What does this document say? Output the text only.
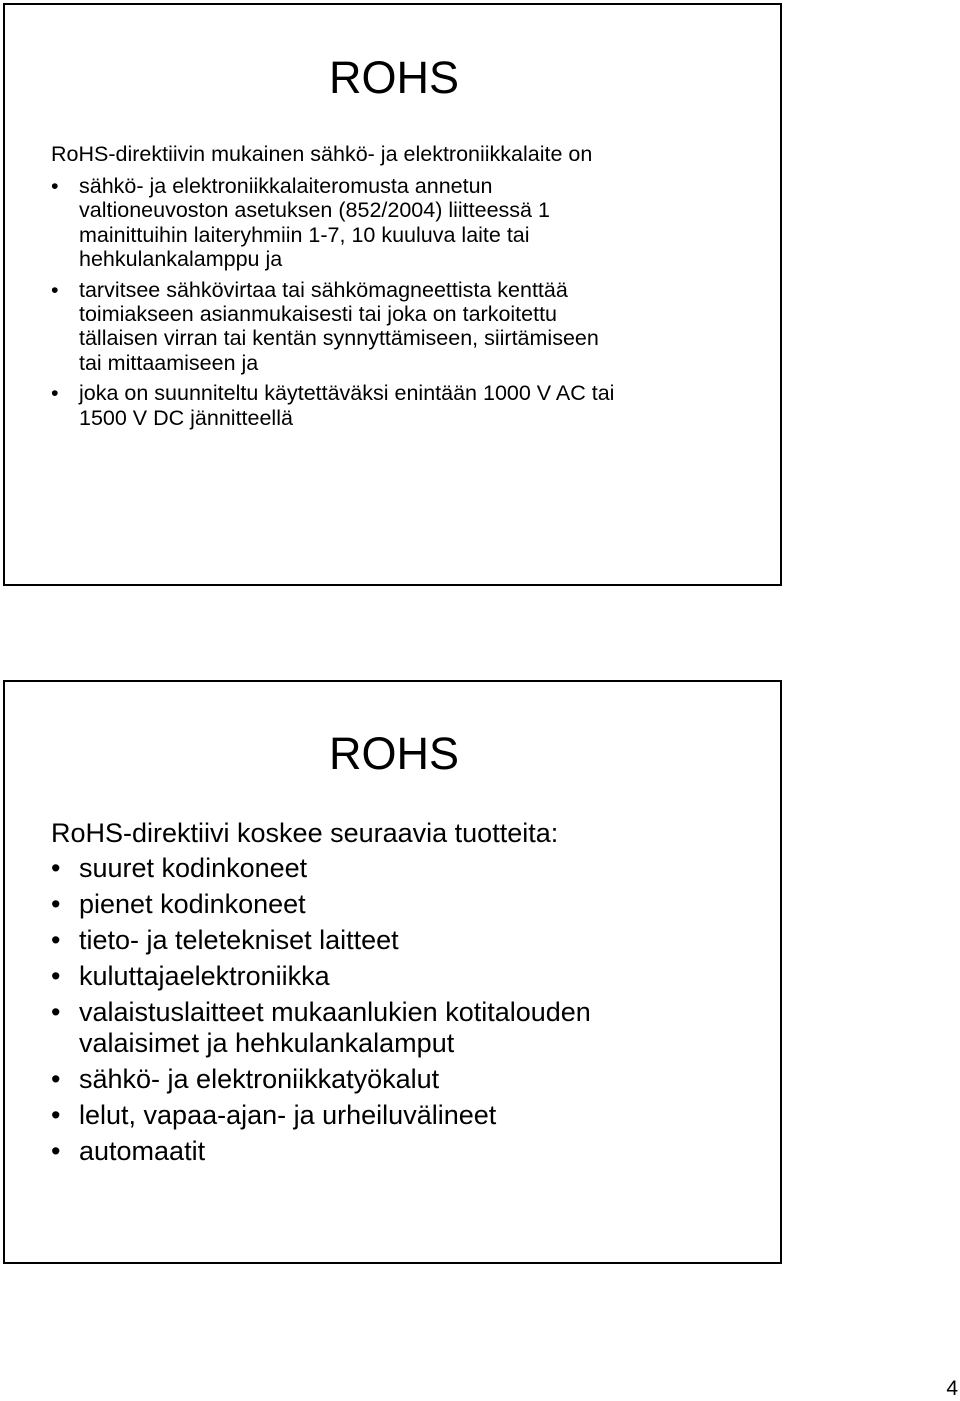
ROHS
RoHS-direktiivin mukainen sähkö- ja elektroniikkalaite on
• sähkö- ja elektroniikkalaiteromusta annetun
valtioneuvoston asetuksen (852/2004) liitteessä 1
mainittuihin laiteryhmiin 1-7, 10 kuuluva laite tai
hehkulankalamppu ja
• tarvitsee sähkövirtaa tai sähkömagneettista kenttää
toimiakseen asianmukaisesti tai joka on tarkoitettu
tällaisen virran tai kentän synnyttämiseen, siirtämiseen
tai mittaamiseen ja
• joka on suunniteltu käytettäväksi enintään 1000 V AC tai
1500 V DC jännitteellä
ROHS
RoHS-direktiivi koskee seuraavia tuotteita:
• suuret kodinkoneet
• pienet kodinkoneet
• tieto- ja teletekniset laitteet
• kuluttajaelektroniikka
• valaistuslaitteet mukaanlukien kotitalouden
valaisimet ja hehkulankalamput
• sähkö- ja elektroniikkatyökalut
• lelut, vapaa-ajan- ja urheiluvälineet
• automaatit
4
